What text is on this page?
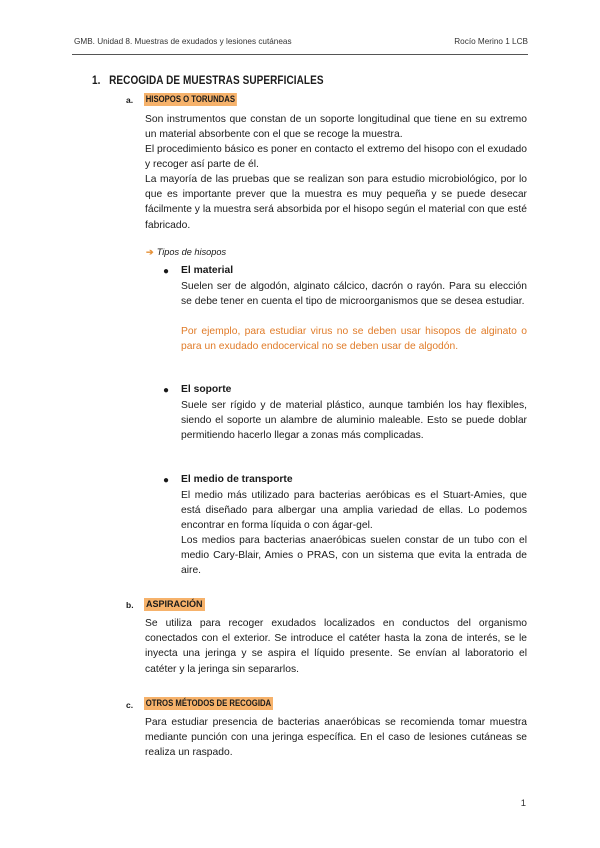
GMB. Unidad 8. Muestras de exudados y lesiones cutáneas	Rocío Merino 1 LCB
1. RECOGIDA DE MUESTRAS SUPERFICIALES
a. HISOPOS O TORUNDAS
Son instrumentos que constan de un soporte longitudinal que tiene en su extremo un material absorbente con el que se recoge la muestra.
El procedimiento básico es poner en contacto el extremo del hisopo con el exudado y recoger así parte de él.
La mayoría de las pruebas que se realizan son para estudio microbiológico, por lo que es importante prever que la muestra es muy pequeña y se puede desecar fácilmente y la muestra será absorbida por el hisopo según el material con que esté fabricado.
➔ Tipos de hisopos
● El material
Suelen ser de algodón, alginato cálcico, dacrón o rayón. Para su elección se debe tener en cuenta el tipo de microorganismos que se desea estudiar.
Por ejemplo, para estudiar virus no se deben usar hisopos de alginato o para un exudado endocervical no se deben usar de algodón.
● El soporte
Suele ser rígido y de material plástico, aunque también los hay flexibles, siendo el soporte un alambre de aluminio maleable. Esto se puede doblar permitiendo hacerlo llegar a zonas más complicadas.
● El medio de transporte
El medio más utilizado para bacterias aeróbicas es el Stuart-Amies, que está diseñado para albergar una amplia variedad de ellas. Lo podemos encontrar en forma líquida o con ágar-gel.
Los medios para bacterias anaeróbicas suelen constar de un tubo con el medio Cary-Blair, Amies o PRAS, con un sistema que evita la entrada de aire.
b. ASPIRACIÓN
Se utiliza para recoger exudados localizados en conductos del organismo conectados con el exterior. Se introduce el catéter hasta la zona de interés, se le inyecta una jeringa y se aspira el líquido presente. Se envían al laboratorio el catéter y la jeringa sin separarlos.
c. OTROS MÉTODOS DE RECOGIDA
Para estudiar presencia de bacterias anaeróbicas se recomienda tomar muestra mediante punción con una jeringa específica. En el caso de lesiones cutáneas se realiza un raspado.
1
